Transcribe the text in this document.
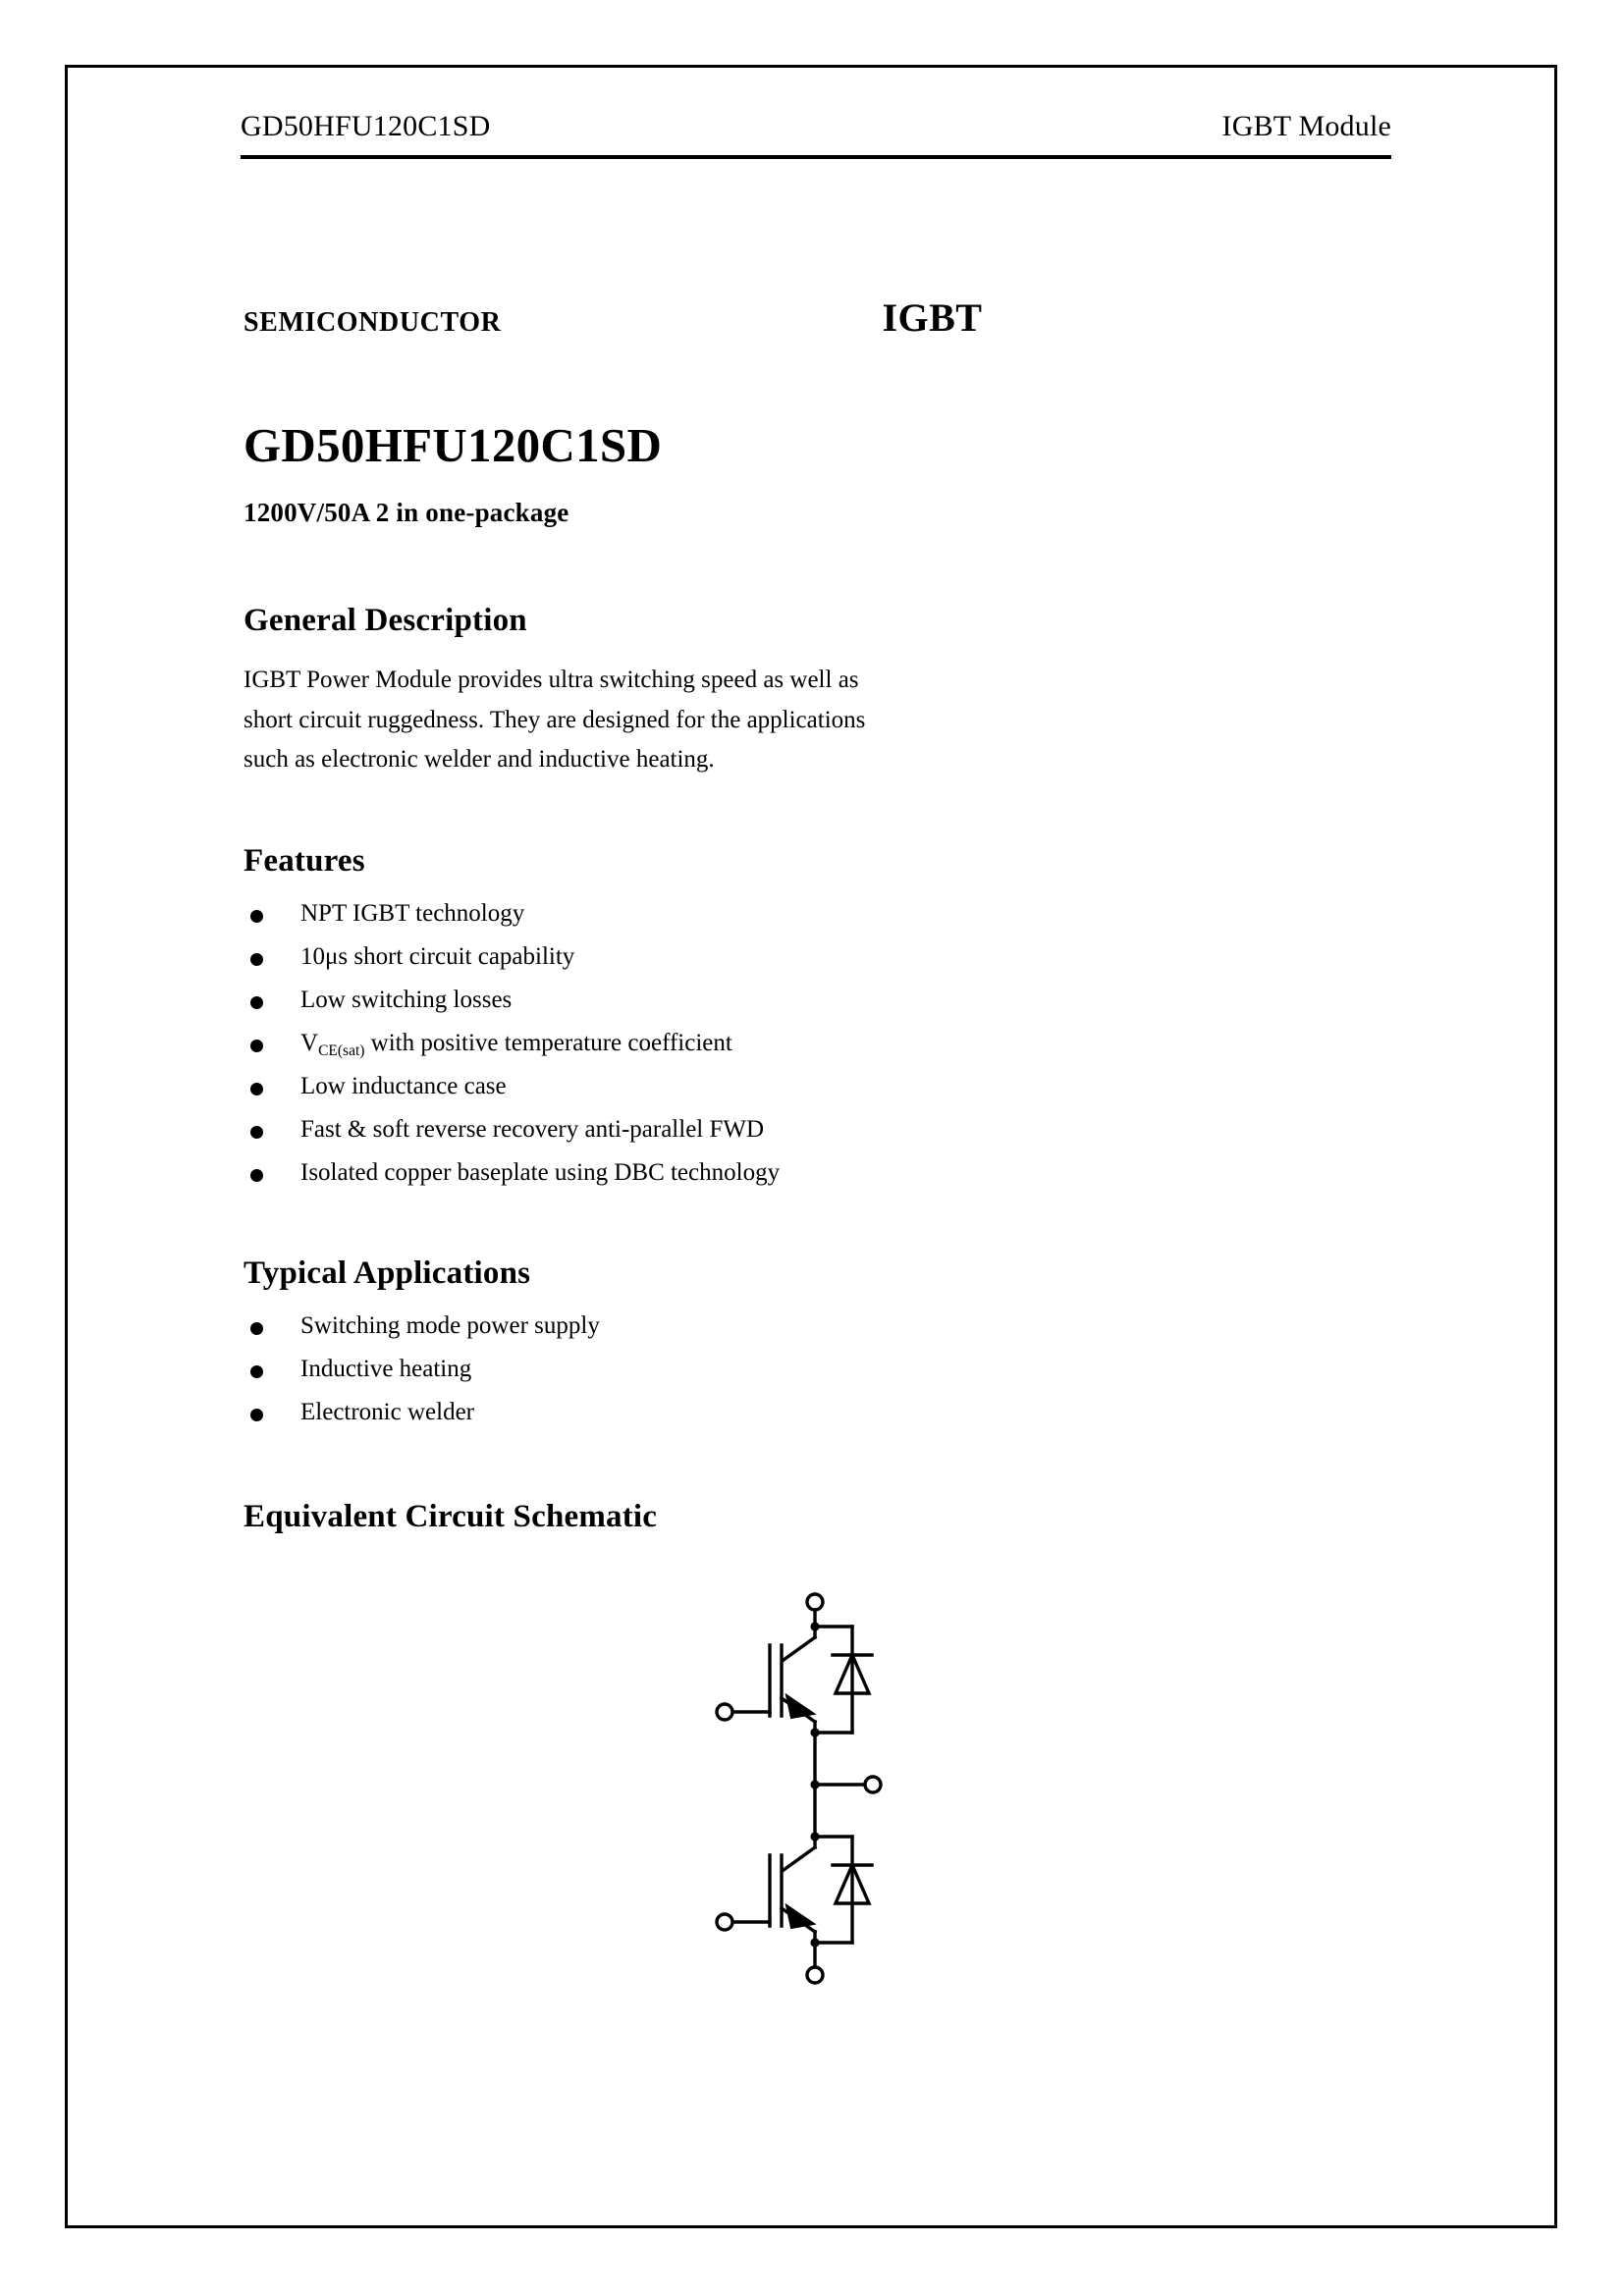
GD50HFU120C1SD	IGBT Module
SEMICONDUCTOR	IGBT
GD50HFU120C1SD
1200V/50A 2 in one-package
General Description

IGBT Power Module provides ultra switching speed as well as short circuit ruggedness. They are designed for the applications such as electronic welder and inductive heating.

Features
NPT IGBT technology
10μs short circuit capability
Low switching losses
$V_{CE(sat)}$ with positive temperature coefficient
Low inductance case
Fast & soft reverse recovery anti-parallel FWD
Isolated copper baseplate using DBC technology
Typical Applications
Switching mode power supply
Inductive heating
Electronic welder
Equivalent Circuit Schematic
